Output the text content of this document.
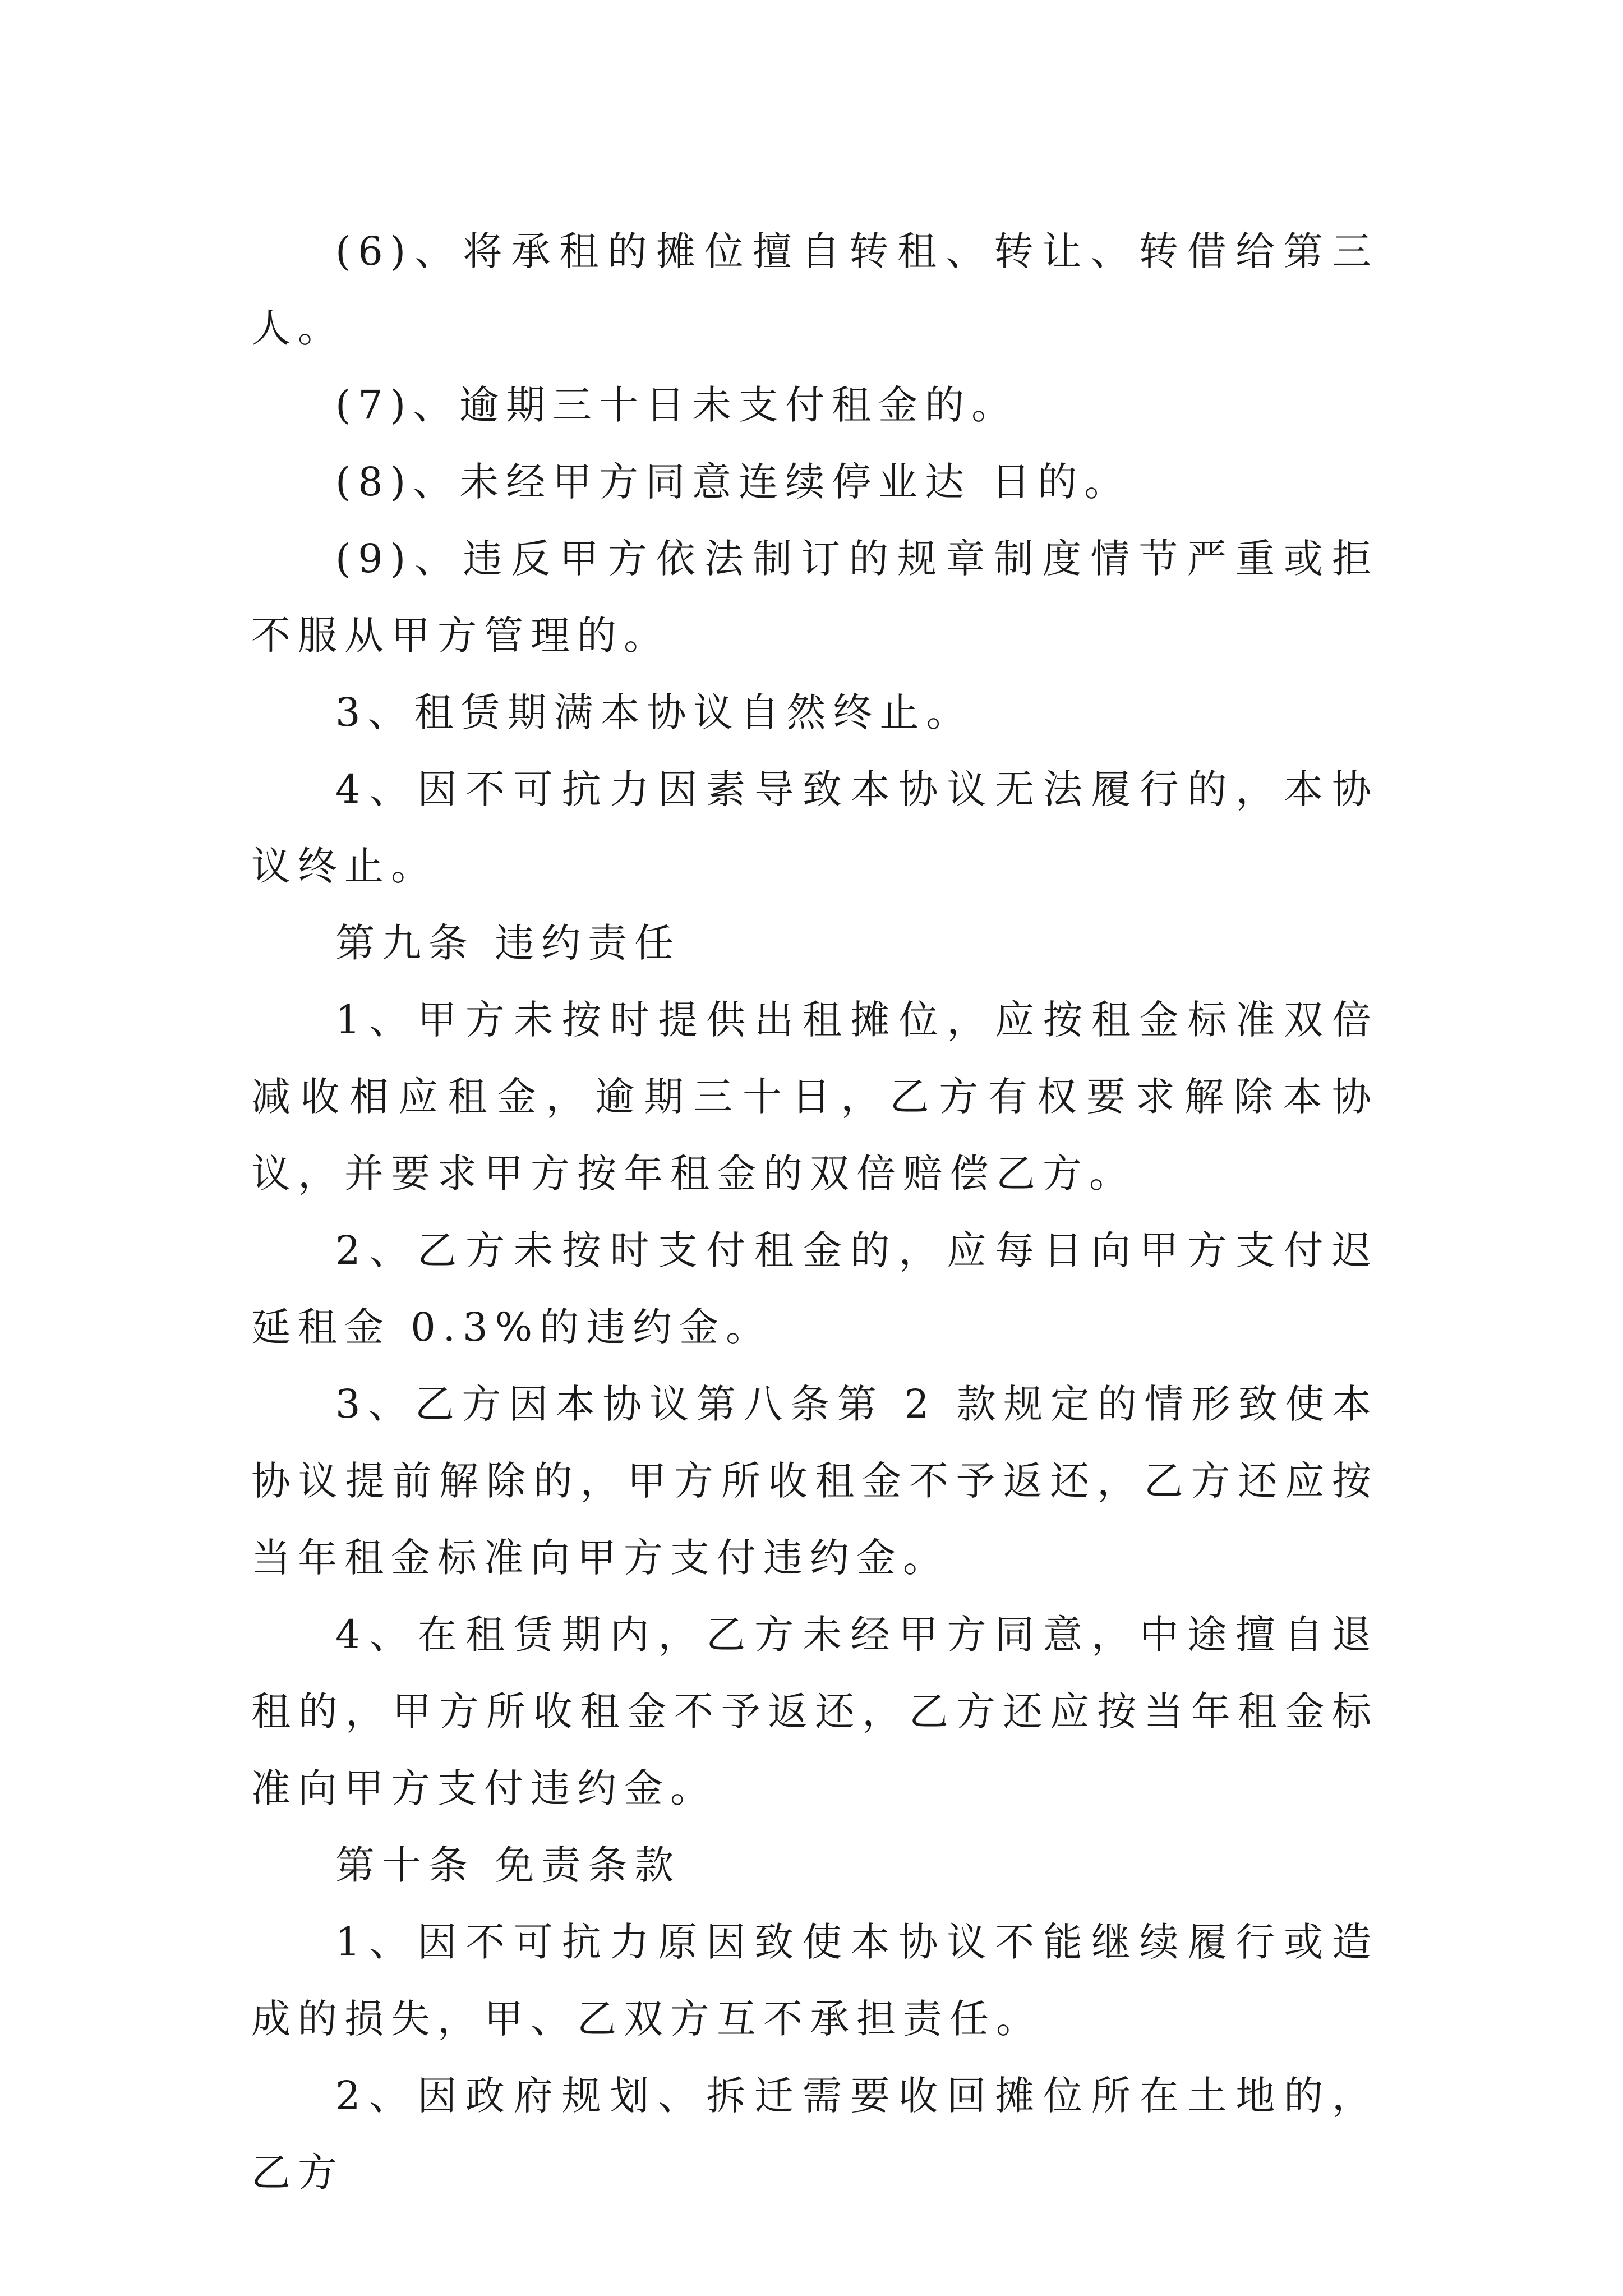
(6)、将承租的摊位擅自转租、转让、转借给第三人。

(7)、逾期三十日未支付租金的。

(8)、未经甲方同意连续停业达 日的。

(9)、违反甲方依法制订的规章制度情节严重或拒不服从甲方管理的。

3、租赁期满本协议自然终止。

4、因不可抗力因素导致本协议无法履行的，本协议终止。

第九条 违约责任

1、甲方未按时提供出租摊位，应按租金标准双倍减收相应租金，逾期三十日，乙方有权要求解除本协议，并要求甲方按年租金的双倍赔偿乙方。

2、乙方未按时支付租金的，应每日向甲方支付迟延租金 0.3%的违约金。

3、乙方因本协议第八条第 2 款规定的情形致使本协议提前解除的，甲方所收租金不予返还，乙方还应按当年租金标准向甲方支付违约金。

4、在租赁期内，乙方未经甲方同意，中途擅自退租的，甲方所收租金不予返还，乙方还应按当年租金标准向甲方支付违约金。

第十条 免责条款

1、因不可抗力原因致使本协议不能继续履行或造成的损失，甲、乙双方互不承担责任。

2、因政府规划、拆迁需要收回摊位所在土地的，乙方
